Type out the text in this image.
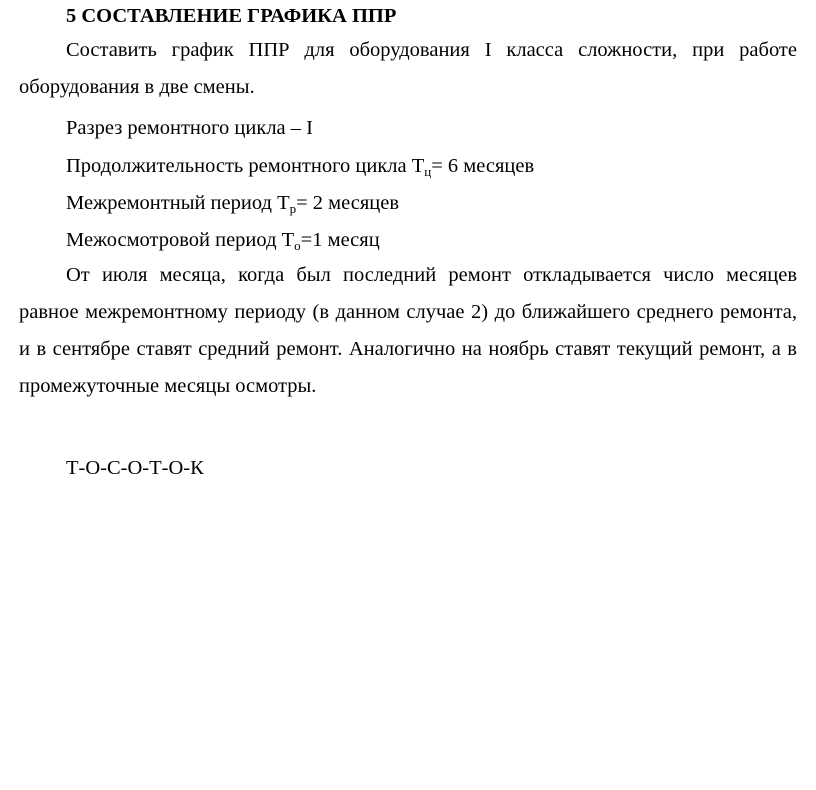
5 СОСТАВЛЕНИЕ ГРАФИКА ППР
Составить график ППР для оборудования I класса сложности, при работе оборудования в две смены.
Разрез ремонтного цикла – I
Продолжительность ремонтного цикла $Т_ц= 6$ месяцев
Межремонтный период $Т_р= 2$ месяцев
Межосмотровой период $Т_о=1$ месяц
От июля месяца, когда был последний ремонт откладывается число месяцев равное межремонтному периоду (в данном случае 2) до ближайшего среднего ремонта, и в сентябре ставят средний ремонт. Аналогично на ноябрь ставят текущий ремонт, а в промежуточные месяцы осмотры.
Т-О-С-О-Т-О-К
